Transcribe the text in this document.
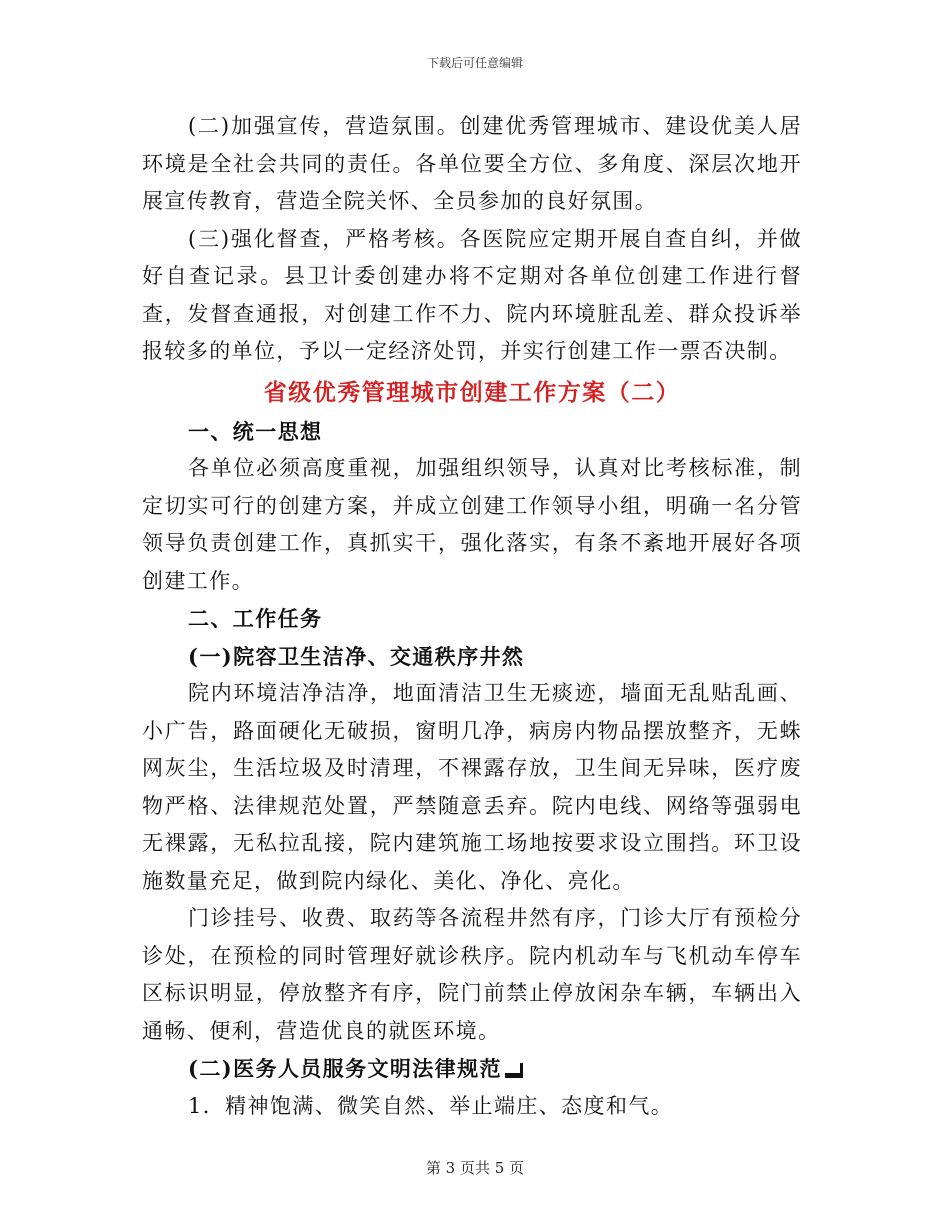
下载后可任意编辑

(二)加强宣传，营造氛围。创建优秀管理城市、建设优美人居环境是全社会共同的责任。各单位要全方位、多角度、深层次地开展宣传教育，营造全院关怀、全员参加的良好氛围。

(三)强化督查，严格考核。各医院应定期开展自查自纠，并做好自查记录。县卫计委创建办将不定期对各单位创建工作进行督查，发督查通报，对创建工作不力、院内环境脏乱差、群众投诉举报较多的单位，予以一定经济处罚，并实行创建工作一票否决制。

省级优秀管理城市创建工作方案（二）

一、统一思想

各单位必须高度重视，加强组织领导，认真对比考核标准，制定切实可行的创建方案，并成立创建工作领导小组，明确一名分管领导负责创建工作，真抓实干，强化落实，有条不紊地开展好各项创建工作。

二、工作任务

(一)院容卫生洁净、交通秩序井然

院内环境洁净洁净，地面清洁卫生无痰迹，墙面无乱贴乱画、小广告，路面硬化无破损，窗明几净，病房内物品摆放整齐，无蛛网灰尘，生活垃圾及时清理，不裸露存放，卫生间无异味，医疗废物严格、法律规范处置，严禁随意丢弃。院内电线、网络等强弱电无裸露，无私拉乱接，院内建筑施工场地按要求设立围挡。环卫设施数量充足，做到院内绿化、美化、净化、亮化。

门诊挂号、收费、取药等各流程井然有序，门诊大厅有预检分诊处，在预检的同时管理好就诊秩序。院内机动车与飞机动车停车区标识明显，停放整齐有序，院门前禁止停放闲杂车辆，车辆出入通畅、便利，营造优良的就医环境。

(二)医务人员服务文明法律规范

1．精神饱满、微笑自然、举止端庄、态度和气。

第 3 页共 5 页
